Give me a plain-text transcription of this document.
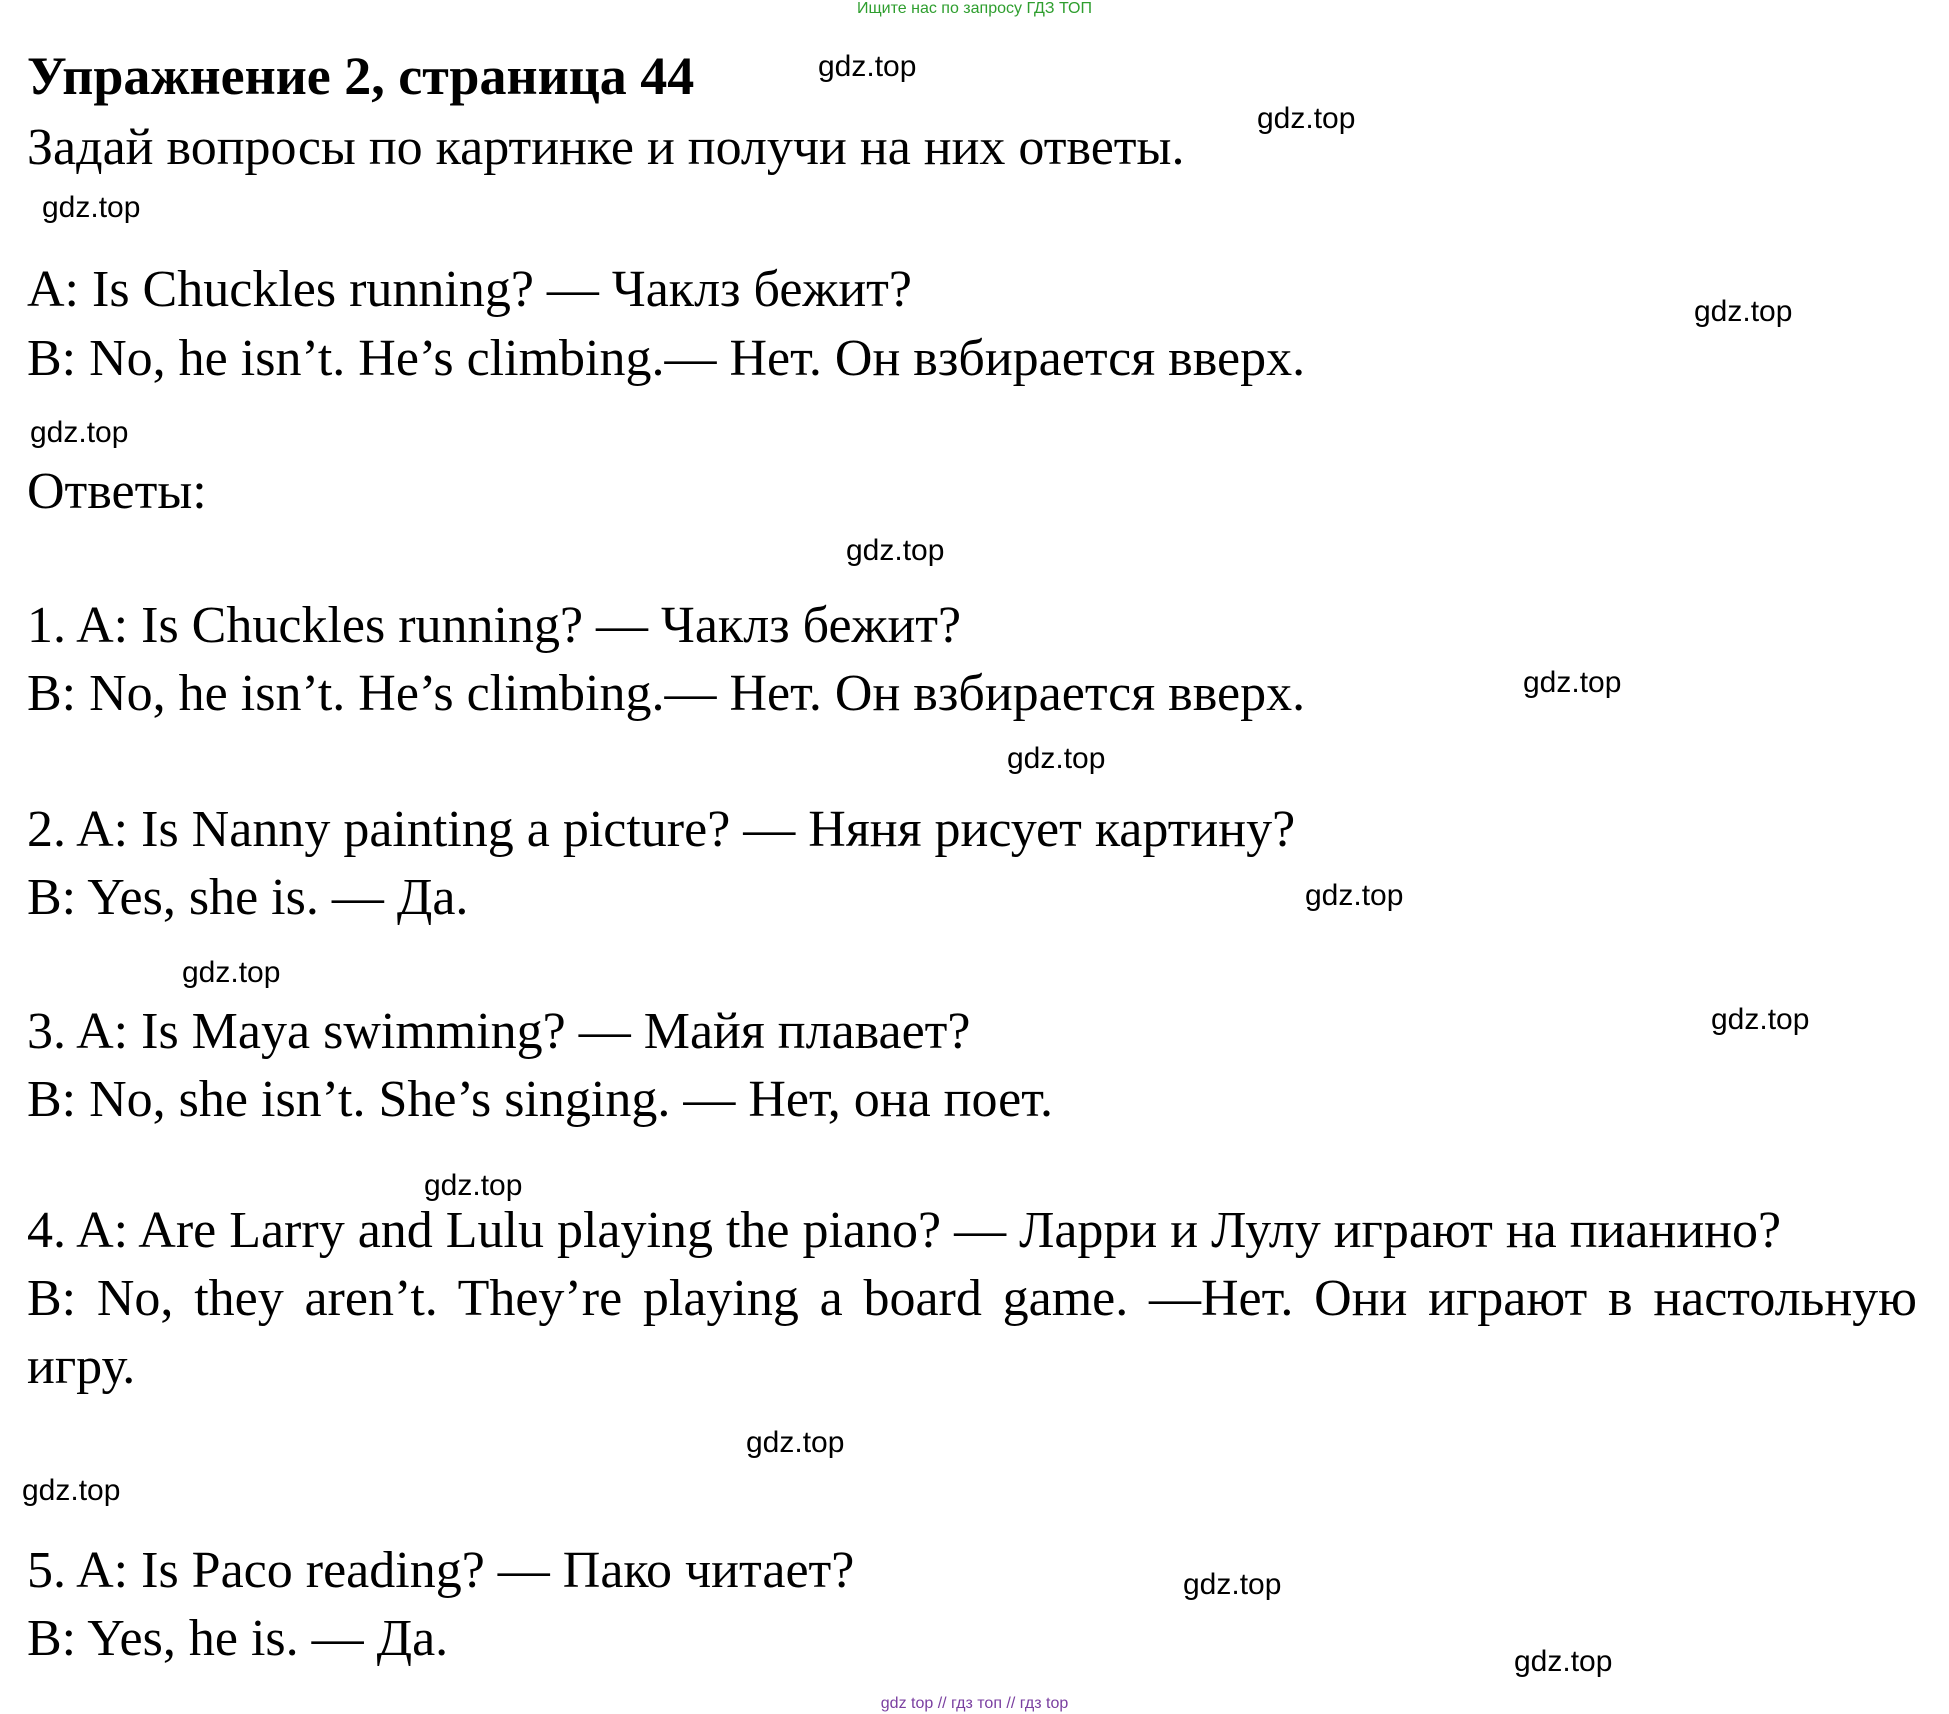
Ищите нас по запросу ГДЗ ТОП
Упражнение 2, страница 44

Задай вопросы по картинке и получи на них ответы.

A: Is Chuckles running? — Чаклз бежит?

B: No, he isn’t. He’s climbing.— Нет. Он взбирается вверх.

Ответы:

1. A: Is Chuckles running? — Чаклз бежит?

B: No, he isn’t. He’s climbing.— Нет. Он взбирается вверх.

2. A: Is Nanny painting a picture? — Няня рисует картину?

B: Yes, she is. — Да.

3. A: Is Maya swimming? — Майя плавает?

B: No, she isn’t. She’s singing. — Нет, она поет.

4. A: Are Larry and Lulu playing the piano? — Ларри и Лулу играют на пианино?

B: No, they aren’t. They’re playing a board game. —Нет. Они играют в настольную игру.

5. A: Is Paco reading? — Пако читает?

B: Yes, he is. — Да.

gdz.top
gdz.top
gdz.top
gdz.top
gdz.top
gdz.top
gdz.top
gdz.top
gdz.top
gdz.top
gdz.top
gdz.top
gdz.top
gdz.top
gdz.top
gdz.top
gdz top // гдз топ // гдз top
